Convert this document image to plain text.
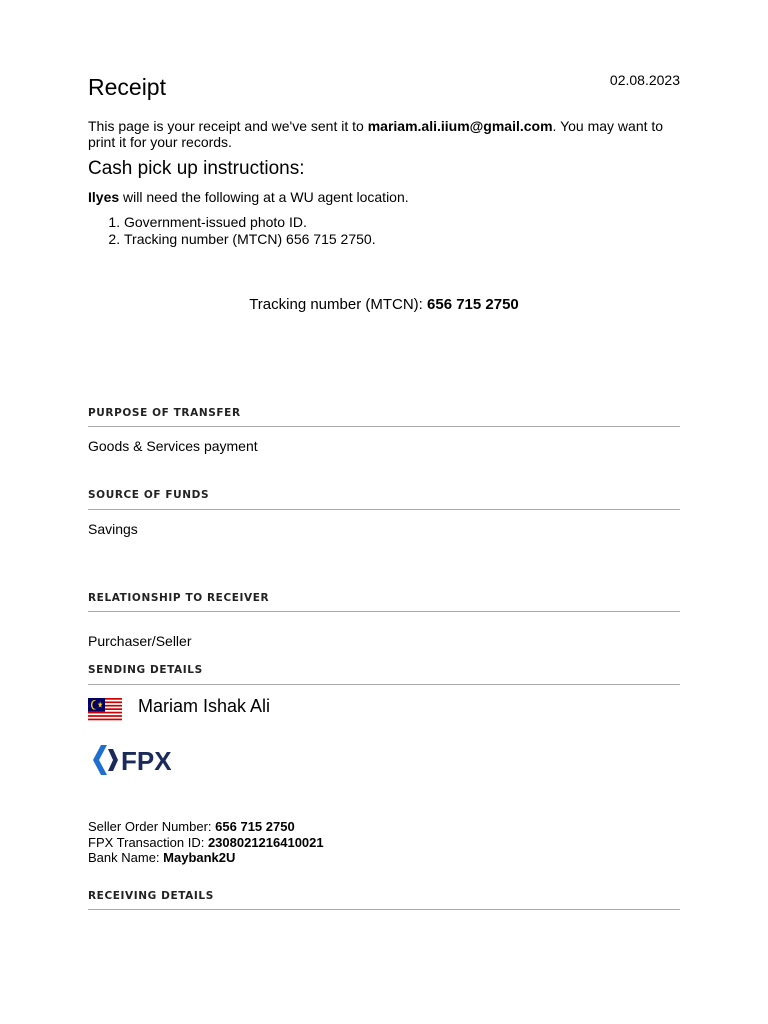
02.08.2023
Receipt
This page is your receipt and we've sent it to mariam.ali.iium@gmail.com. You may want to print it for your records.
Cash pick up instructions:
Ilyes will need the following at a WU agent location.
1. Government-issued photo ID.
2. Tracking number (MTCN) 656 715 2750.
Tracking number (MTCN): 656 715 2750
PURPOSE OF TRANSFER
Goods & Services payment
SOURCE OF FUNDS
Savings
RELATIONSHIP TO RECEIVER
Purchaser/Seller
SENDING DETAILS
Mariam Ishak Ali
FPX
Seller Order Number: 656 715 2750
FPX Transaction ID: 2308021216410021
Bank Name: Maybank2U
RECEIVING DETAILS
